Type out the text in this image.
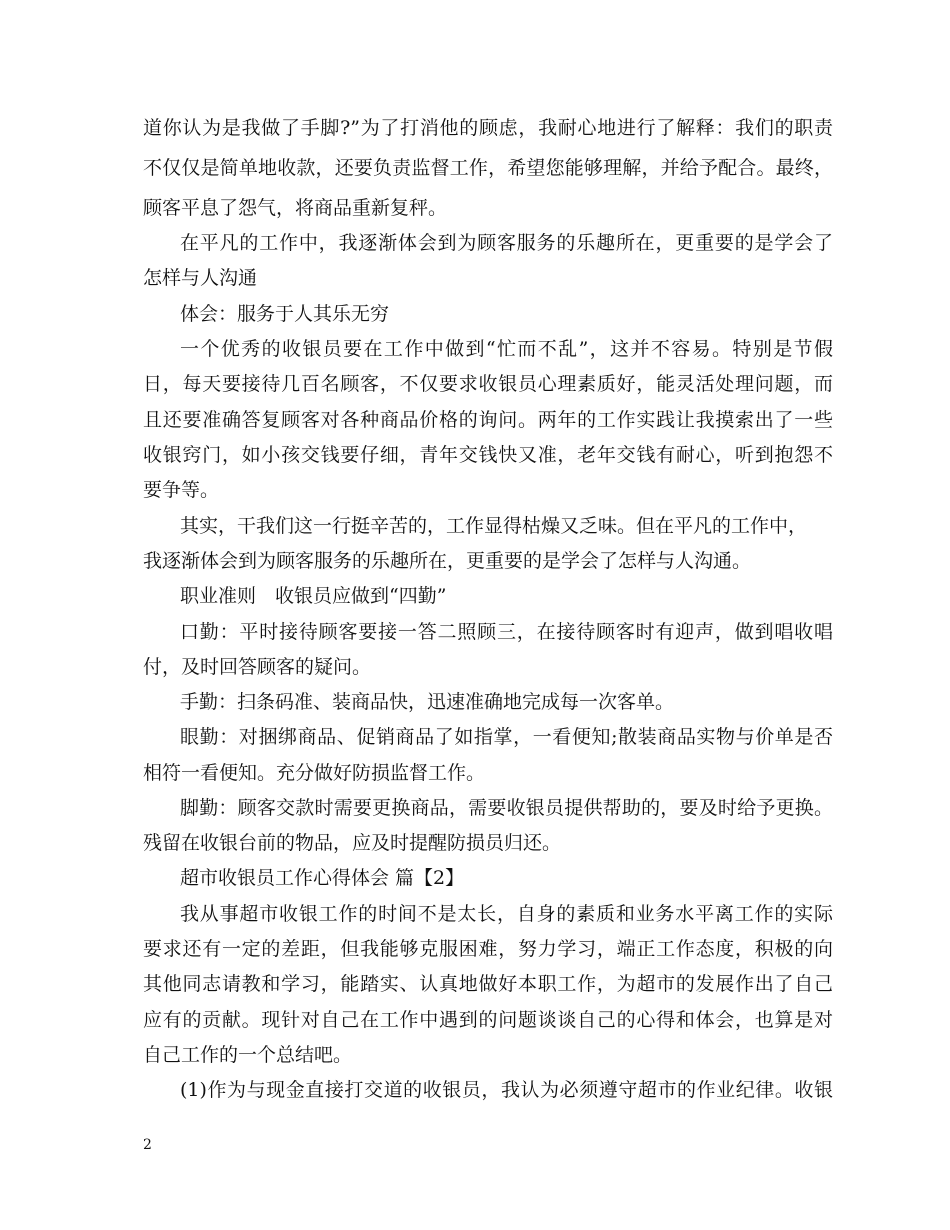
道你认为是我做了手脚?”为了打消他的顾虑，我耐心地进行了解释：我们的职责
不仅仅是简单地收款，还要负责监督工作，希望您能够理解，并给予配合。最终，
顾客平息了怨气，将商品重新复秤。
在平凡的工作中，我逐渐体会到为顾客服务的乐趣所在，更重要的是学会了
怎样与人沟通
体会：服务于人其乐无穷
一个优秀的收银员要在工作中做到“忙而不乱”，这并不容易。特别是节假
日，每天要接待几百名顾客，不仅要求收银员心理素质好，能灵活处理问题，而
且还要准确答复顾客对各种商品价格的询问。两年的工作实践让我摸索出了一些
收银窍门，如小孩交钱要仔细，青年交钱快又准，老年交钱有耐心，听到抱怨不
要争等。
其实，干我们这一行挺辛苦的，工作显得枯燥又乏味。但在平凡的工作中，
我逐渐体会到为顾客服务的乐趣所在，更重要的是学会了怎样与人沟通。
职业准则　收银员应做到“四勤”
口勤：平时接待顾客要接一答二照顾三，在接待顾客时有迎声，做到唱收唱
付，及时回答顾客的疑问。
手勤：扫条码准、装商品快，迅速准确地完成每一次客单。
眼勤：对捆绑商品、促销商品了如指掌，一看便知;散装商品实物与价单是否
相符一看便知。充分做好防损监督工作。
脚勤：顾客交款时需要更换商品，需要收银员提供帮助的，要及时给予更换。
残留在收银台前的物品，应及时提醒防损员归还。
超市收银员工作心得体会 篇【2】
我从事超市收银工作的时间不是太长，自身的素质和业务水平离工作的实际
要求还有一定的差距，但我能够克服困难，努力学习，端正工作态度，积极的向
其他同志请教和学习，能踏实、认真地做好本职工作，为超市的发展作出了自己
应有的贡献。现针对自己在工作中遇到的问题谈谈自己的心得和体会，也算是对
自己工作的一个总结吧。
(1)作为与现金直接打交道的收银员，我认为必须遵守超市的作业纪律。收银
2
